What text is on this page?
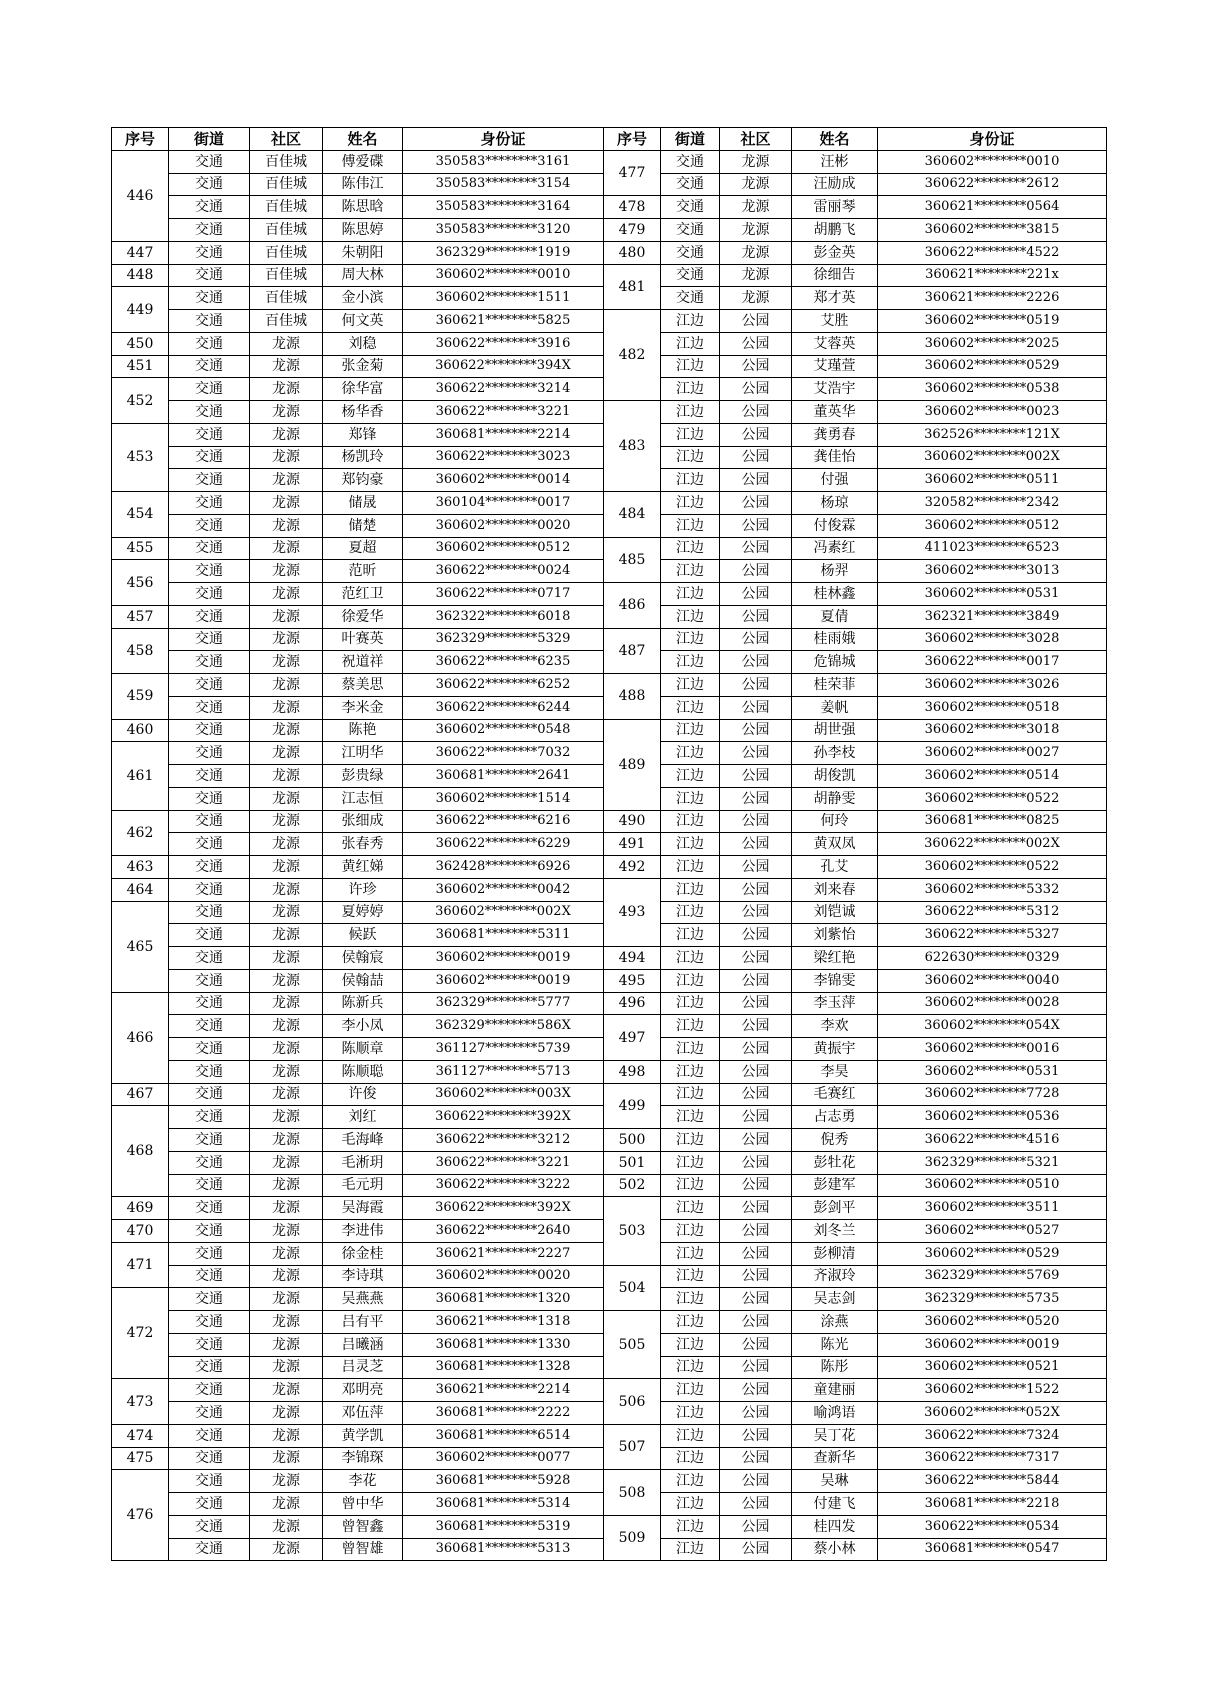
序号	街道	社区	姓名	身份证
446	交通	百佳城	傅爱碟	350583********3161
	交通	百佳城	陈伟江	350583********3154
	交通	百佳城	陈思晗	350583********3164
	交通	百佳城	陈思婷	350583********3120
447	交通	百佳城	朱朝阳	362329********1919
448	交通	百佳城	周大林	360602********0010
449	交通	百佳城	金小滨	360602********1511
	交通	百佳城	何文英	360621********5825
450	交通	龙源	刘稳	360622********3916
451	交通	龙源	张金菊	360622********394X
452	交通	龙源	徐华富	360622********3214
	交通	龙源	杨华香	360622********3221
453	交通	龙源	郑锋	360681********2214
	交通	龙源	杨凯玲	360622********3023
	交通	龙源	郑钧豪	360602********0014
454	交通	龙源	储晟	360104********0017
	交通	龙源	储楚	360602********0020
455	交通	龙源	夏超	360602********0512
456	交通	龙源	范昕	360622********0024
	交通	龙源	范红卫	360622********0717
457	交通	龙源	徐爱华	362322********6018
458	交通	龙源	叶赛英	362329********5329
	交通	龙源	祝道祥	360622********6235
459	交通	龙源	蔡美思	360622********6252
	交通	龙源	李米金	360622********6244
460	交通	龙源	陈艳	360602********0548
461	交通	龙源	江明华	360622********7032
	交通	龙源	彭贵绿	360681********2641
	交通	龙源	江志恒	360602********1514
462	交通	龙源	张细成	360622********6216
	交通	龙源	张春秀	360622********6229
463	交通	龙源	黄红娣	362428********6926
464	交通	龙源	许珍	360602********0042
465	交通	龙源	夏婷婷	360602********002X
	交通	龙源	候跃	360681********5311
	交通	龙源	侯翰宸	360602********0019
	交通	龙源	侯翰喆	360602********0019
466	交通	龙源	陈新兵	362329********5777
	交通	龙源	李小凤	362329********586X
	交通	龙源	陈顺章	361127********5739
	交通	龙源	陈顺聪	361127********5713
467	交通	龙源	许俊	360602********003X
468	交通	龙源	刘红	360622********392X
	交通	龙源	毛海峰	360622********3212
	交通	龙源	毛淅玥	360622********3221
	交通	龙源	毛元玥	360622********3222
469	交通	龙源	吴海霞	360622********392X
470	交通	龙源	李进伟	360622********2640
471	交通	龙源	徐金桂	360621********2227
	交通	龙源	李诗琪	360602********0020
472	交通	龙源	吴燕燕	360681********1320
	交通	龙源	吕有平	360621********1318
	交通	龙源	吕曦涵	360681********1330
	交通	龙源	吕灵芝	360681********1328
473	交通	龙源	邓明亮	360621********2214
	交通	龙源	邓伍萍	360681********2222
474	交通	龙源	黄学凯	360681********6514
475	交通	龙源	李锦琛	360602********0077
476	交通	龙源	李花	360681********5928
	交通	龙源	曾中华	360681********5314
	交通	龙源	曾智鑫	360681********5319
	交通	龙源	曾智雄	360681********5313
序号	街道	社区	姓名	身份证
477	交通	龙源	汪彬	360602********0010
	交通	龙源	汪励成	360622********2612
478	交通	龙源	雷丽琴	360621********0564
479	交通	龙源	胡鹏飞	360602********3815
480	交通	龙源	彭金英	360622********4522
481	交通	龙源	徐细告	360621********221x
	交通	龙源	郑才英	360621********2226
482	江边	公园	艾胜	360602********0519
	江边	公园	艾蓉英	360602********2025
	江边	公园	艾瑾萱	360602********0529
	江边	公园	艾浩宇	360602********0538
483	江边	公园	董英华	360602********0023
	江边	公园	龚勇春	362526********121X
	江边	公园	龚佳怡	360602********002X
	江边	公园	付强	360602********0511
484	江边	公园	杨琼	320582********2342
	江边	公园	付俊霖	360602********0512
485	江边	公园	冯素红	411023********6523
	江边	公园	杨羿	360602********3013
486	江边	公园	桂林鑫	360602********0531
	江边	公园	夏倩	362321********3849
487	江边	公园	桂雨娥	360602********3028
	江边	公园	危锦城	360622********0017
488	江边	公园	桂荣菲	360602********3026
	江边	公园	姜帆	360602********0518
489	江边	公园	胡世强	360602********3018
	江边	公园	孙李枝	360602********0027
	江边	公园	胡俊凯	360602********0514
	江边	公园	胡静雯	360602********0522
490	江边	公园	何玲	360681********0825
491	江边	公园	黄双凤	360622********002X
492	江边	公园	孔艾	360602********0522
493	江边	公园	刘来春	360602********5332
	江边	公园	刘铠诚	360622********5312
	江边	公园	刘紫怡	360622********5327
494	江边	公园	梁红艳	622630********0329
495	江边	公园	李锦雯	360602********0040
496	江边	公园	李玉萍	360602********0028
497	江边	公园	李欢	360602********054X
	江边	公园	黄振宇	360602********0016
498	江边	公园	李昊	360602********0531
499	江边	公园	毛赛红	360602********7728
	江边	公园	占志勇	360602********0536
500	江边	公园	倪秀	360622********4516
501	江边	公园	彭牡花	362329********5321
502	江边	公园	彭建军	360602********0510
503	江边	公园	彭剑平	360602********3511
	江边	公园	刘冬兰	360602********0527
	江边	公园	彭柳清	360602********0529
504	江边	公园	齐淑玲	362329********5769
	江边	公园	吴志剑	362329********5735
505	江边	公园	涂燕	360602********0520
	江边	公园	陈光	360602********0019
	江边	公园	陈彤	360602********0521
506	江边	公园	童建丽	360602********1522
	江边	公园	喻鸿语	360602********052X
507	江边	公园	吴丁花	360622********7324
	江边	公园	查新华	360622********7317
508	江边	公园	吴琳	360622********5844
	江边	公园	付建飞	360681********2218
509	江边	公园	桂四发	360622********0534
	江边	公园	蔡小林	360681********0547
